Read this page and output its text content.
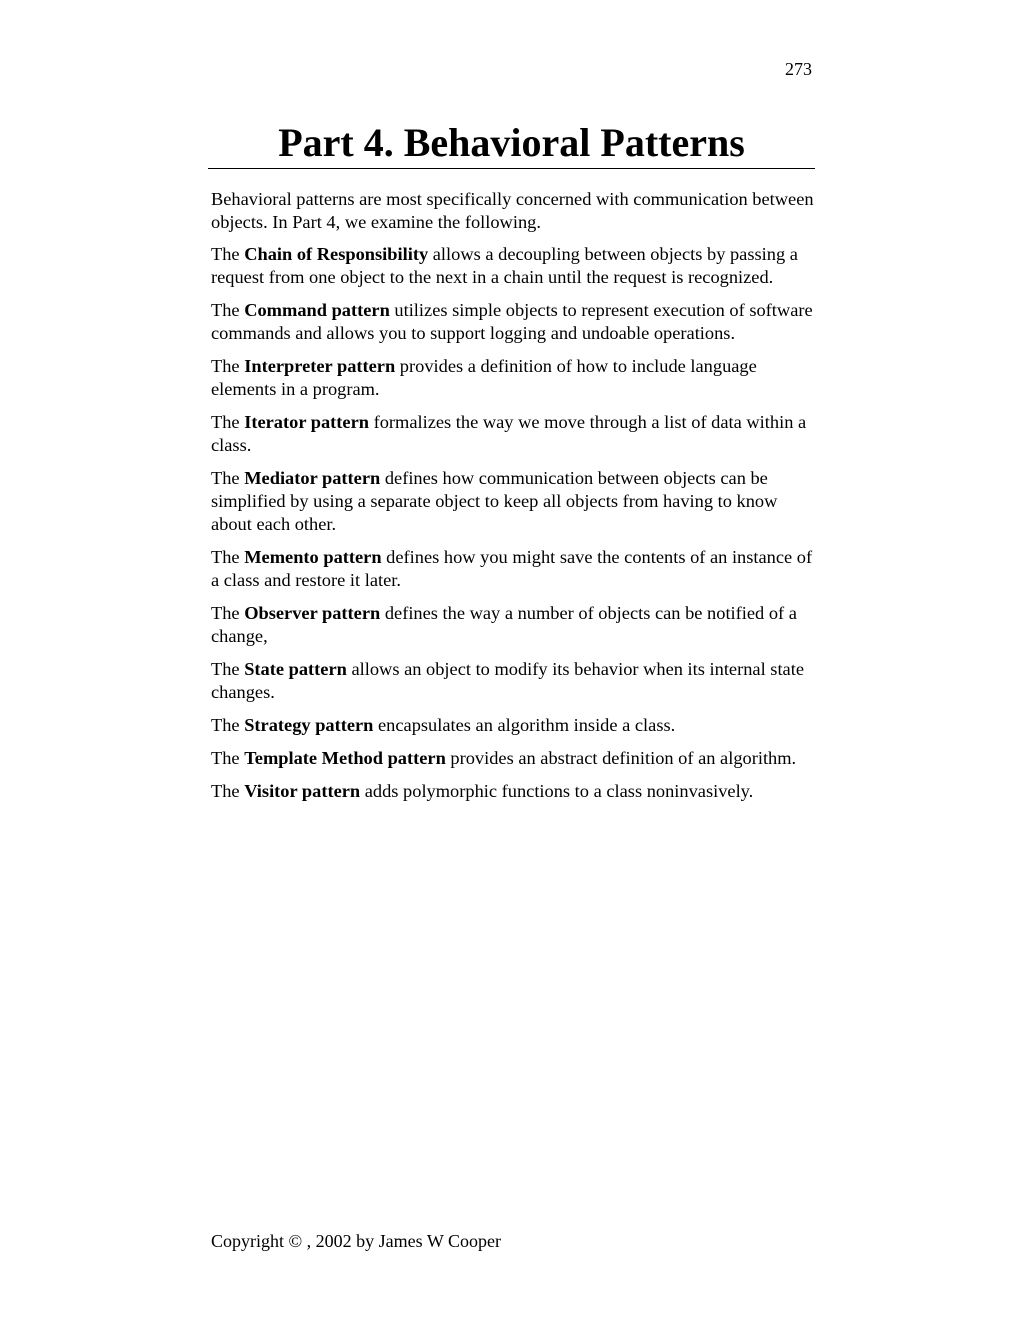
273
Part 4. Behavioral Patterns

Behavioral patterns are most specifically concerned with communication between objects. In Part 4, we examine the following.

The Chain of Responsibility allows a decoupling between objects by passing a request from one object to the next in a chain until the request is recognized.

The Command pattern utilizes simple objects to represent execution of software commands and allows you to support logging and undoable operations.

The Interpreter pattern provides a definition of how to include language elements in a program.

The Iterator pattern formalizes the way we move through a list of data within a class.

The Mediator pattern defines how communication between objects can be simplified by using a separate object to keep all objects from having to know about each other.

The Memento pattern defines how you might save the contents of an instance of a class and restore it later.

The Observer pattern defines the way a number of objects can be notified of a change,

The State pattern allows an object to modify its behavior when its internal state changes.

The Strategy pattern encapsulates an algorithm inside a class.

The Template Method pattern provides an abstract definition of an algorithm.

The Visitor pattern adds polymorphic functions to a class noninvasively.

Copyright © , 2002 by James W Cooper
